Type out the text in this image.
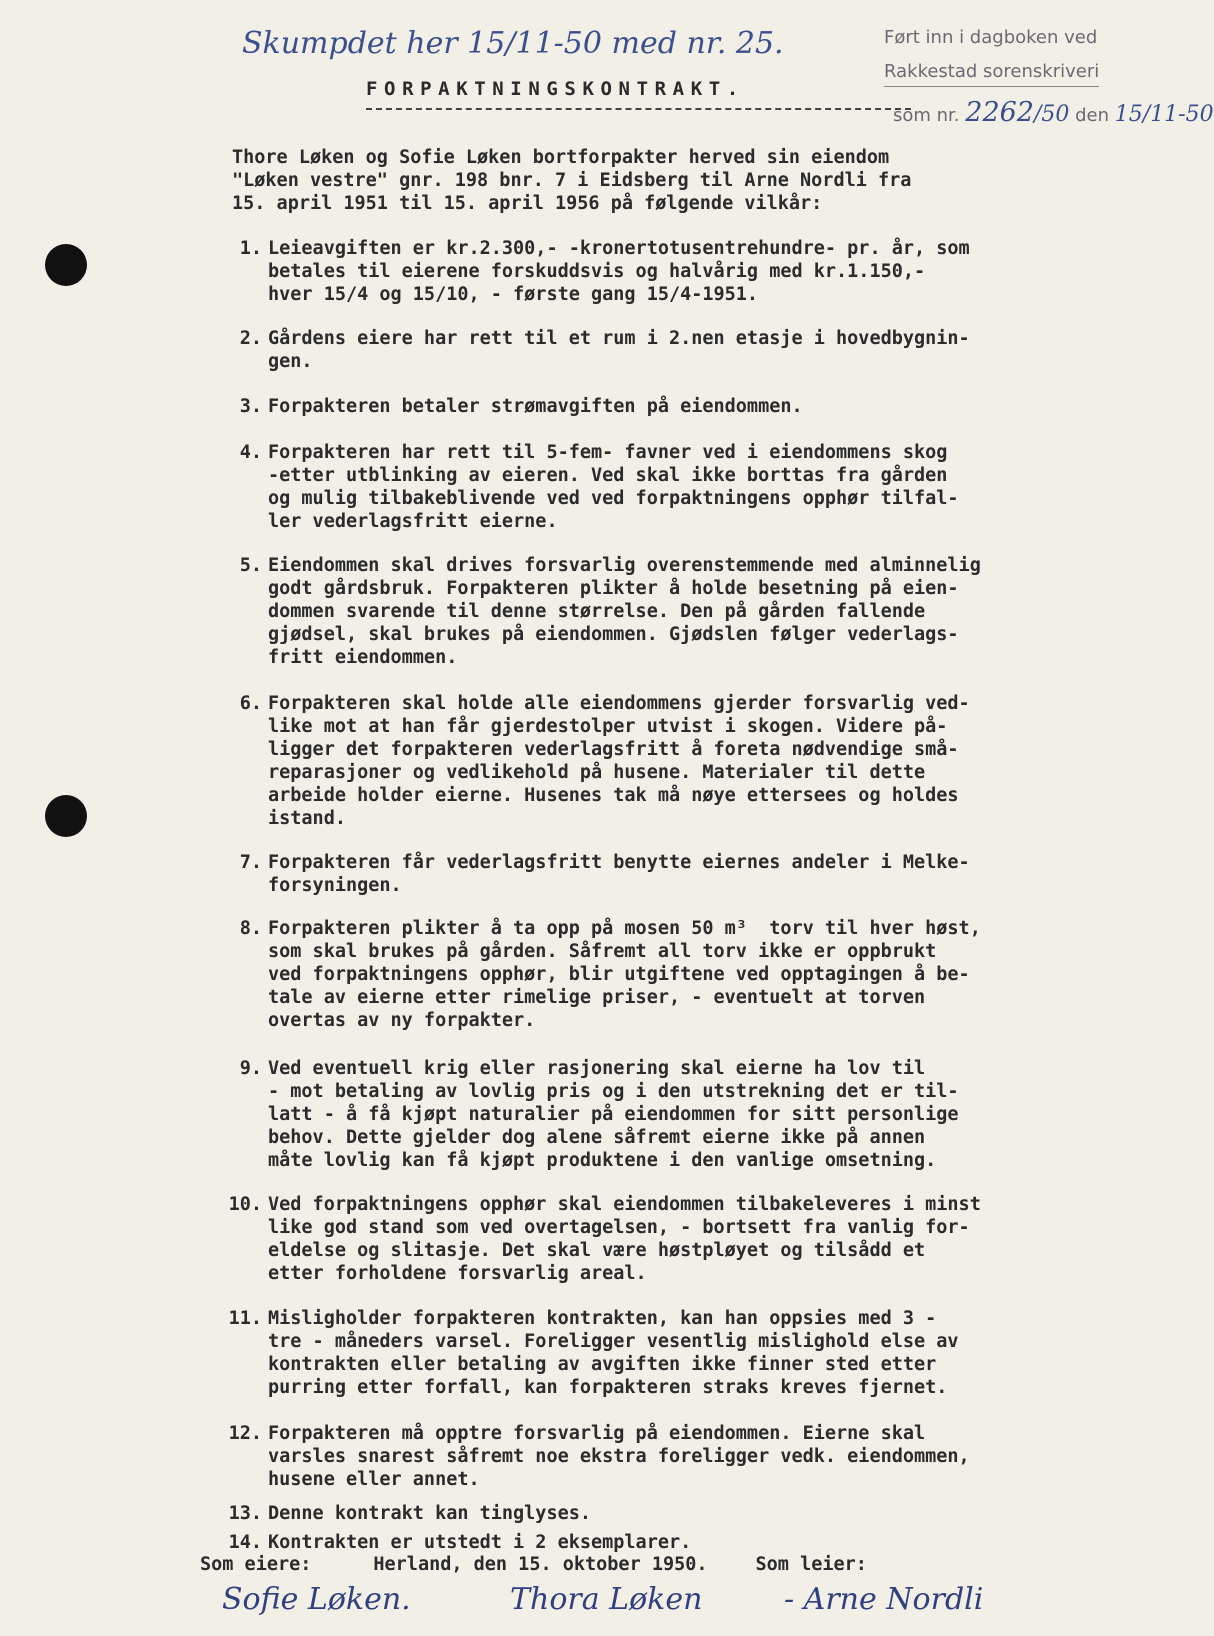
Skumpdet her 15/11-50 med nr. 25.	Ført inn i dagboken ved
Rakkestad sorenskriveri
som nr. 2262/50 den 15/11-50
FORPAKTNINGSKONTRAKT.
Thore Løken og Sofie Løken bortforpakter herved sin eiendom
"Løken vestre" gnr. 198 bnr. 7 i Eidsberg til Arne Nordli fra
15. april 1951 til 15. april 1956 på følgende vilkår:
1. Leieavgiften er kr.2.300,- -kronertotusentrehundre- pr. år, som
betales til eierene forskuddsvis og halvårig med kr.1.150,-
hver 15/4 og 15/10, - første gang 15/4-1951.
2. Gårdens eiere har rett til et rum i 2.nen etasje i hovedbygnin-
gen.
3. Forpakteren betaler strømavgiften på eiendommen.
4. Forpakteren har rett til 5-fem- favner ved i eiendommens skog
-etter utblinking av eieren. Ved skal ikke borttas fra gården
og mulig tilbakeblivende ved ved forpaktningens opphør tilfal-
ler vederlagsfritt eierne.
5. Eiendommen skal drives forsvarlig overenstemmende med alminnelig
godt gårdsbruk. Forpakteren plikter å holde besetning på eien-
dommen svarende til denne størrelse. Den på gården fallende
gjødsel, skal brukes på eiendommen. Gjødslen følger vederlags-
fritt eiendommen.
6. Forpakteren skal holde alle eiendommens gjerder forsvarlig ved-
like mot at han får gjerdestolper utvist i skogen. Videre på-
ligger det forpakteren vederlagsfritt å foreta nødvendige små-
reparasjoner og vedlikehold på husene. Materialer til dette
arbeide holder eierne. Husenes tak må nøye ettersees og holdes
istand.
7. Forpakteren får vederlagsfritt benytte eiernes andeler i Melke-
forsyningen.
8. Forpakteren plikter å ta opp på mosen 50 m³  torv til hver høst,
som skal brukes på gården. Såfremt all torv ikke er oppbrukt
ved forpaktningens opphør, blir utgiftene ved opptagingen å be-
tale av eierne etter rimelige priser, - eventuelt at torven
overtas av ny forpakter.
9. Ved eventuell krig eller rasjonering skal eierne ha lov til
- mot betaling av lovlig pris og i den utstrekning det er til-
latt - å få kjøpt naturalier på eiendommen for sitt personlige
behov. Dette gjelder dog alene såfremt eierne ikke på annen
måte lovlig kan få kjøpt produktene i den vanlige omsetning.
10. Ved forpaktningens opphør skal eiendommen tilbakeleveres i minst
like god stand som ved overtagelsen, - bortsett fra vanlig for-
eldelse og slitasje. Det skal være høstpløyet og tilsådd et
etter forholdene forsvarlig areal.
11. Misligholder forpakteren kontrakten, kan han oppsies med 3 -
tre - måneders varsel. Foreligger vesentlig mislighold else av
kontrakten eller betaling av avgiften ikke finner sted etter
purring etter forfall, kan forpakteren straks kreves fjernet.
12. Forpakteren må opptre forsvarlig på eiendommen. Eierne skal
varsles snarest såfremt noe ekstra foreligger vedk. eiendommen,
husene eller annet.
13. Denne kontrakt kan tinglyses.
14. Kontrakten er utstedt i 2 eksemplarer.
Som eiere:	Herland, den 15. oktober 1950.	Som leier:
Sofie Løken.	Thora Løken	- Arne Nordli
